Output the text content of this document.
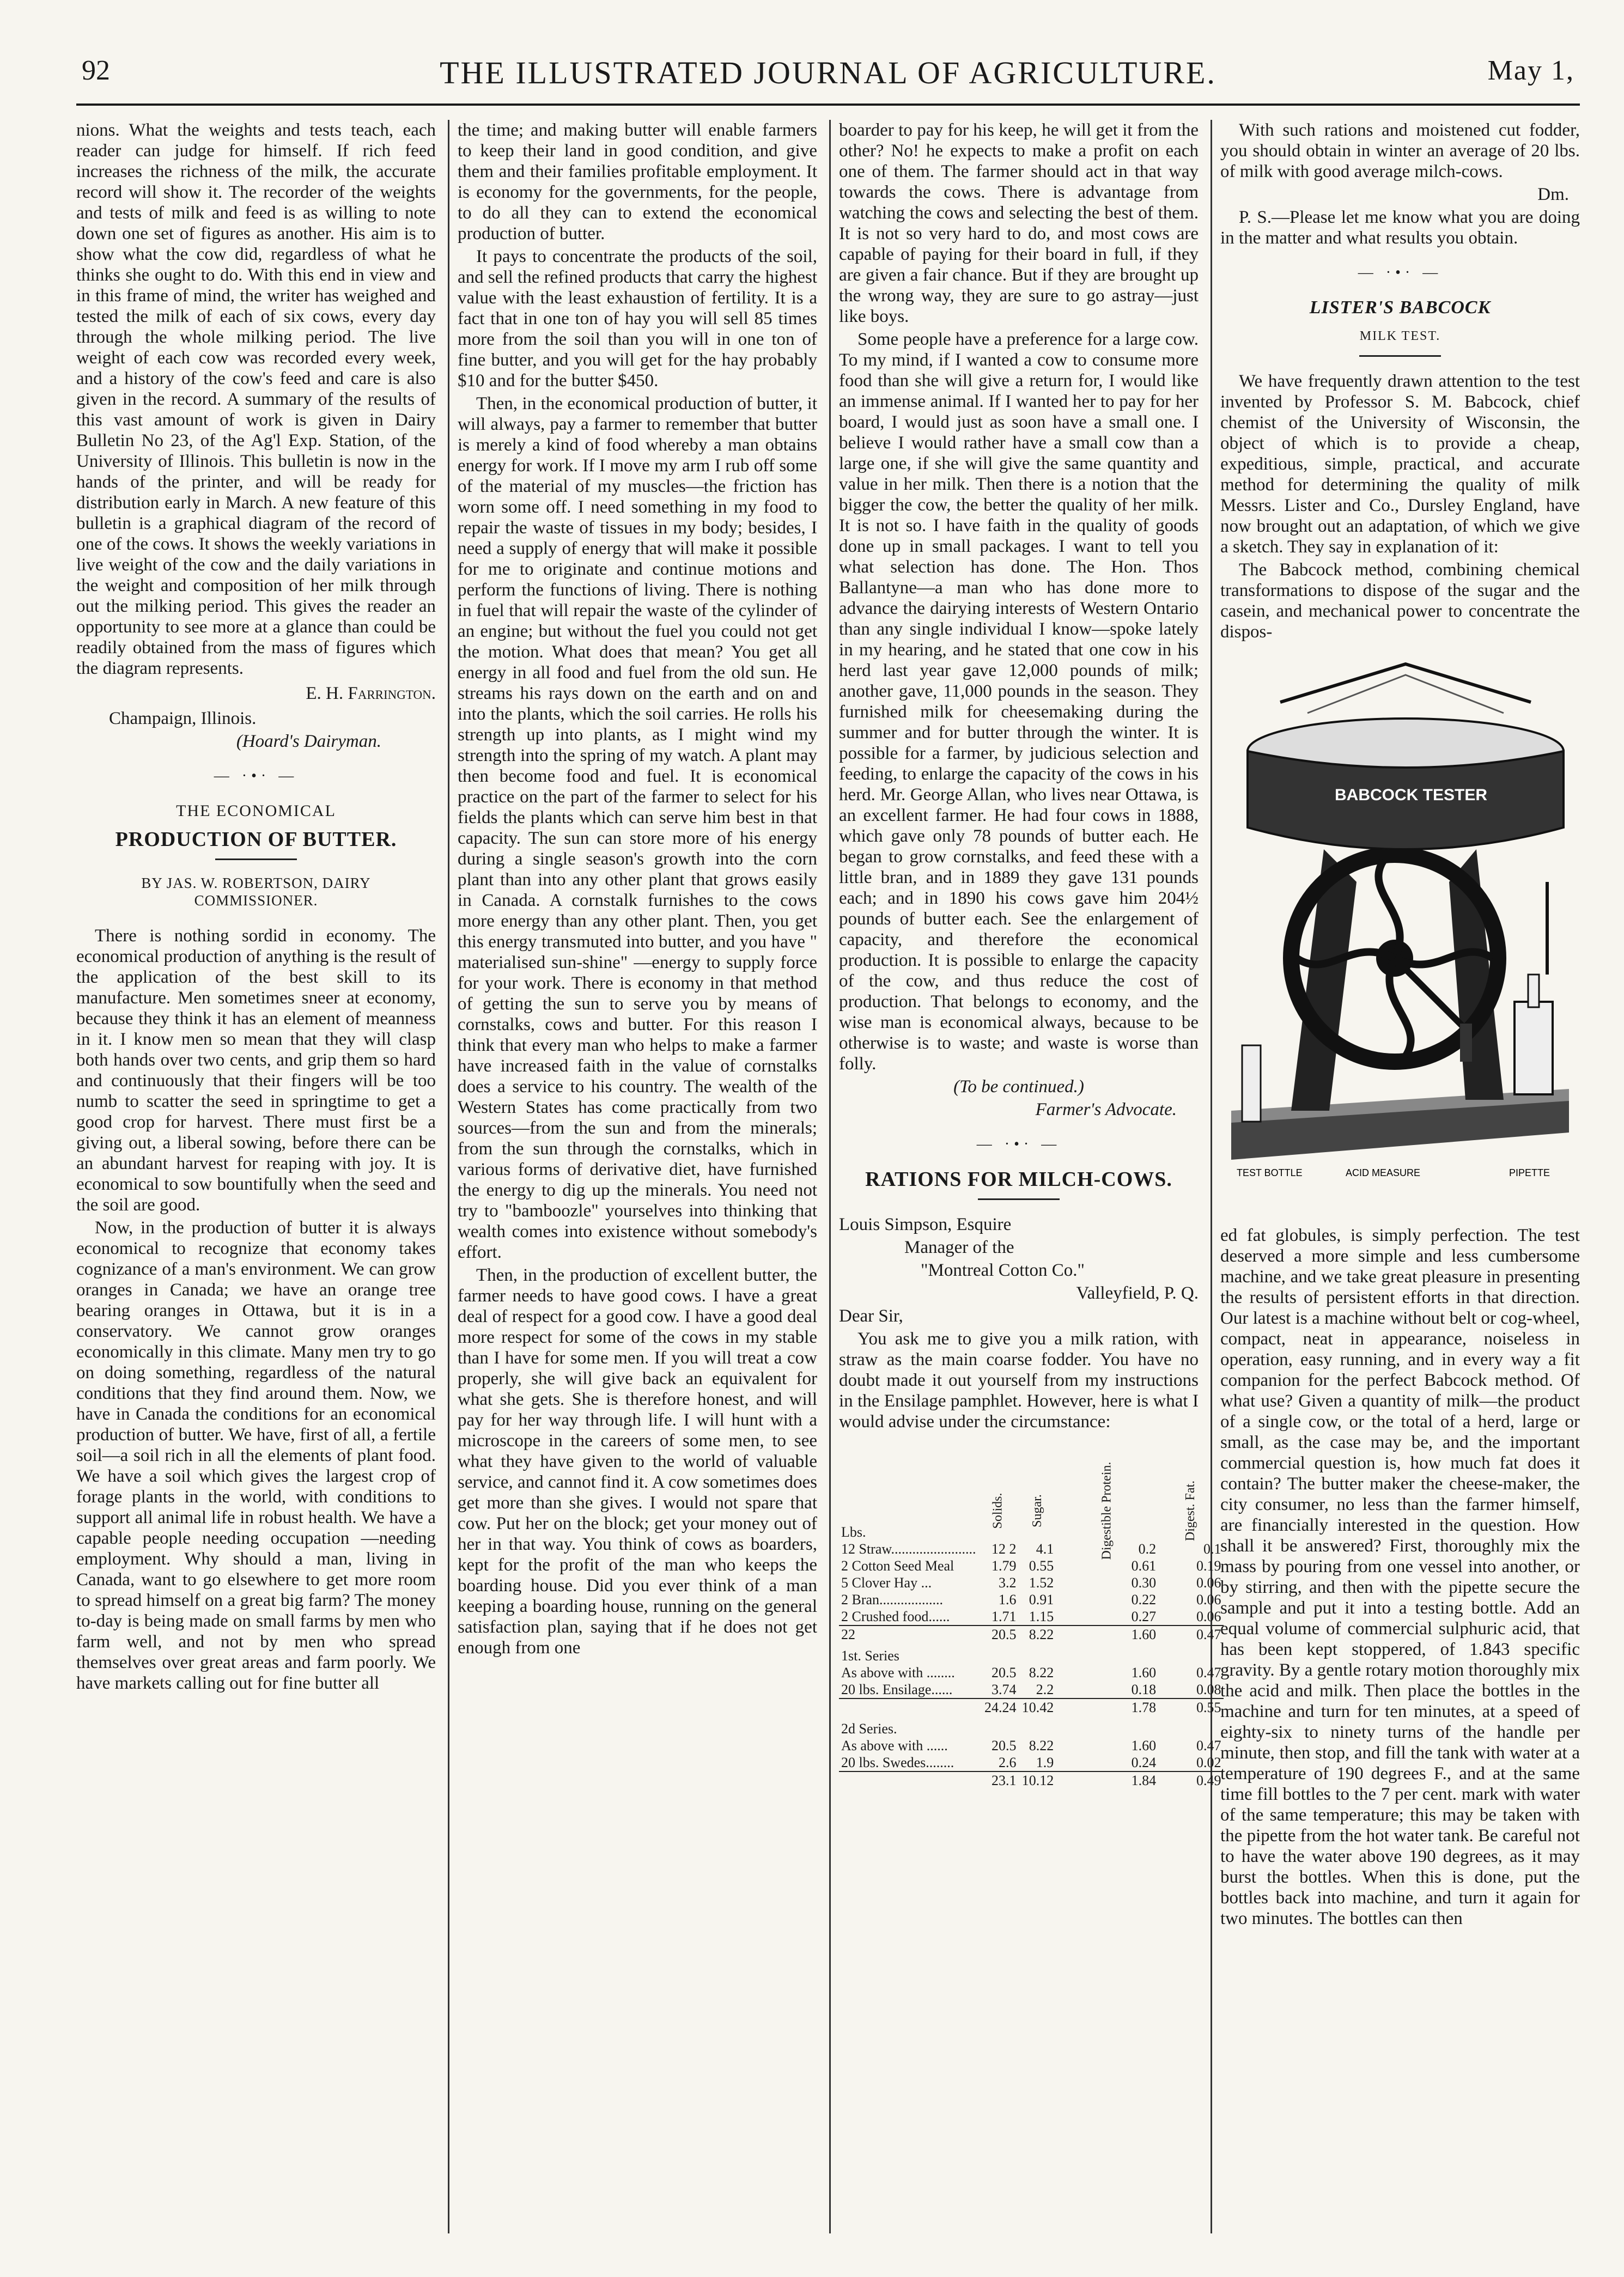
92	THE ILLUSTRATED JOURNAL OF AGRICULTURE.	May 1,

nions. What the weights and tests teach, each reader can judge for himself. If rich feed increases the richness of the milk, the accurate record will show it. The recorder of the weights and tests of milk and feed is as willing to note down one set of figures as another. His aim is to show what the cow did, regardless of what he thinks she ought to do. With this end in view and in this frame of mind, the writer has weighed and tested the milk of each of six cows, every day through the whole milking period. The live weight of each cow was recorded every week, and a history of the cow's feed and care is also given in the record. A summary of the results of this vast amount of work is given in Dairy Bulletin No 23, of the Ag'l Exp. Station, of the University of Illinois. This bulletin is now in the hands of the printer, and will be ready for distribution early in March. A new feature of this bulletin is a graphical diagram of the record of one of the cows. It shows the weekly variations in live weight of the cow and the daily variations in the weight and composition of her milk through out the milking period. This gives the reader an opportunity to see more at a glance than could be readily obtained from the mass of figures which the diagram represents.

E. H. Farrington.

Champaign, Illinois.

(Hoard's Dairyman.

— ·•· —

THE ECONOMICAL
PRODUCTION OF BUTTER.
BY JAS. W. ROBERTSON, DAIRY COMMISSIONER.

There is nothing sordid in economy. The economical production of anything is the result of the application of the best skill to its manufacture. Men sometimes sneer at economy, because they think it has an element of meanness in it. I know men so mean that they will clasp both hands over two cents, and grip them so hard and continuously that their fingers will be too numb to scatter the seed in springtime to get a good crop for harvest. There must first be a giving out, a liberal sowing, before there can be an abundant harvest for reaping with joy. It is economical to sow bountifully when the seed and the soil are good.

Now, in the production of butter it is always economical to recognize that economy takes cognizance of a man's environment. We can grow oranges in Canada; we have an orange tree bearing oranges in Ottawa, but it is in a conservatory. We cannot grow oranges economically in this climate. Many men try to go on doing something, regardless of the natural conditions that they find around them. Now, we have in Canada the conditions for an economical production of butter. We have, first of all, a fertile soil—a soil rich in all the elements of plant food. We have a soil which gives the largest crop of forage plants in the world, with conditions to support all animal life in robust health. We have a capable people needing occupation —needing employment. Why should a man, living in Canada, want to go elsewhere to get more room to spread himself on a great big farm? The money to-day is being made on small farms by men who farm well, and not by men who spread themselves over great areas and farm poorly. We have markets calling out for fine butter all

the time; and making butter will enable farmers to keep their land in good condition, and give them and their families profitable employment. It is economy for the governments, for the people, to do all they can to extend the economical production of butter.

It pays to concentrate the products of the soil, and sell the refined products that carry the highest value with the least exhaustion of fertility. It is a fact that in one ton of hay you will sell 85 times more from the soil than you will in one ton of fine butter, and you will get for the hay probably $10 and for the butter $450.

Then, in the economical production of butter, it will always, pay a farmer to remember that butter is merely a kind of food whereby a man obtains energy for work. If I move my arm I rub off some of the material of my muscles—the friction has worn some off. I need something in my food to repair the waste of tissues in my body; besides, I need a supply of energy that will make it possible for me to originate and continue motions and perform the functions of living. There is nothing in fuel that will repair the waste of the cylinder of an engine; but without the fuel you could not get the motion. What does that mean? You get all energy in all food and fuel from the old sun. He streams his rays down on the earth and on and into the plants, which the soil carries. He rolls his strength up into plants, as I might wind my strength into the spring of my watch. A plant may then become food and fuel. It is economical practice on the part of the farmer to select for his fields the plants which can serve him best in that capacity. The sun can store more of his energy during a single season's growth into the corn plant than into any other plant that grows easily in Canada. A cornstalk furnishes to the cows more energy than any other plant. Then, you get this energy transmuted into butter, and you have " materialised sun-shine" —energy to supply force for your work. There is economy in that method of getting the sun to serve you by means of cornstalks, cows and butter. For this reason I think that every man who helps to make a farmer have increased faith in the value of cornstalks does a service to his country. The wealth of the Western States has come practically from two sources—from the sun and from the minerals; from the sun through the cornstalks, which in various forms of derivative diet, have furnished the energy to dig up the minerals. You need not try to "bamboozle" yourselves into thinking that wealth comes into existence without somebody's effort.

Then, in the production of excellent butter, the farmer needs to have good cows. I have a great deal of respect for a good cow. I have a good deal more respect for some of the cows in my stable than I have for some men. If you will treat a cow properly, she will give back an equivalent for what she gets. She is therefore honest, and will pay for her way through life. I will hunt with a microscope in the careers of some men, to see what they have given to the world of valuable service, and cannot find it. A cow sometimes does get more than she gives. I would not spare that cow. Put her on the block; get your money out of her in that way. You think of cows as boarders, kept for the profit of the man who keeps the boarding house. Did you ever think of a man keeping a boarding house, running on the general satisfaction plan, saying that if he does not get enough from one

boarder to pay for his keep, he will get it from the other? No! he expects to make a profit on each one of them. The farmer should act in that way towards the cows. There is advantage from watching the cows and selecting the best of them. It is not so very hard to do, and most cows are capable of paying for their board in full, if they are given a fair chance. But if they are brought up the wrong way, they are sure to go astray—just like boys.

Some people have a preference for a large cow. To my mind, if I wanted a cow to consume more food than she will give a return for, I would like an immense animal. If I wanted her to pay for her board, I would just as soon have a small one. I believe I would rather have a small cow than a large one, if she will give the same quantity and value in her milk. Then there is a notion that the bigger the cow, the better the quality of her milk. It is not so. I have faith in the quality of goods done up in small packages. I want to tell you what selection has done. The Hon. Thos Ballantyne—a man who has done more to advance the dairying interests of Western Ontario than any single individual I know—spoke lately in my hearing, and he stated that one cow in his herd last year gave 12,000 pounds of milk; another gave, 11,000 pounds in the season. They furnished milk for cheesemaking during the summer and for butter through the winter. It is possible for a farmer, by judicious selection and feeding, to enlarge the capacity of the cows in his herd. Mr. George Allan, who lives near Ottawa, is an excellent farmer. He had four cows in 1888, which gave only 78 pounds of butter each. He began to grow cornstalks, and feed these with a little bran, and in 1889 they gave 131 pounds each; and in 1890 his cows gave him 204½ pounds of butter each. See the enlargement of capacity, and therefore the economical production. It is possible to enlarge the capacity of the cow, and thus reduce the cost of production. That belongs to economy, and the wise man is economical always, because to be otherwise is to waste; and waste is worse than folly.

(To be continued.)

Farmer's Advocate.

— ·•· —

RATIONS FOR MILCH-COWS.

Louis Simpson, Esquire

Manager of the

"Montreal Cotton Co."

Valleyfield, P. Q.

Dear Sir,

You ask me to give you a milk ration, with straw as the main coarse fodder. You have no doubt made it out yourself from my instructions in the Ensilage pamphlet. However, here is what I would advise under the circumstance:

	Solids.	Sugar.	Digestible Protein.	Digest. Fat.
Lbs.				
12 Straw........................	12 2	4.1	0.2	0.1
2 Cotton Seed Meal	1.79	0.55	0.61	0.19
5 Clover Hay ...	3.2	1.52	0.30	0.06
2 Bran..................	1.6	0.91	0.22	0.06
2 Crushed food......	1.71	1.15	0.27	0.06
22	20.5	8.22	1.60	0.47
1st. Series				
As above with ........	20.5	8.22	1.60	0.47
20 lbs. Ensilage......	3.74	2.2	0.18	0.08
	24.24	10.42	1.78	0.55
2d Series.				
As above with ......	20.5	8.22	1.60	0.47
20 lbs. Swedes........	2.6	1.9	0.24	0.02
	23.1	10.12	1.84	0.49

With such rations and moistened cut fodder, you should obtain in winter an average of 20 lbs. of milk with good average milch-cows.

Dm.

P. S.—Please let me know what you are doing in the matter and what results you obtain.

— ·•· —

LISTER'S BABCOCK
MILK TEST.

We have frequently drawn attention to the test invented by Professor S. M. Babcock, chief chemist of the University of Wisconsin, the object of which is to provide a cheap, expeditious, simple, practical, and accurate method for determining the quality of milk Messrs. Lister and Co., Dursley England, have now brought out an adaptation, of which we give a sketch. They say in explanation of it:

The Babcock method, combining chemical transformations to dispose of the sugar and the casein, and mechanical power to concentrate the dispos-

BABCOCK TESTER
TEST BOTTLE	ACID MEASURE	PIPETTE

ed fat globules, is simply perfection. The test deserved a more simple and less cumbersome machine, and we take great pleasure in presenting the results of persistent efforts in that direction. Our latest is a machine without belt or cog-wheel, compact, neat in appearance, noiseless in operation, easy running, and in every way a fit companion for the perfect Babcock method. Of what use? Given a quantity of milk—the product of a single cow, or the total of a herd, large or small, as the case may be, and the important commercial question is, how much fat does it contain? The butter maker the cheese-maker, the city consumer, no less than the farmer himself, are financially interested in the question. How shall it be answered? First, thoroughly mix the mass by pouring from one vessel into another, or by stirring, and then with the pipette secure the sample and put it into a testing bottle. Add an equal volume of commercial sulphuric acid, that has been kept stoppered, of 1.843 specific gravity. By a gentle rotary motion thoroughly mix the acid and milk. Then place the bottles in the machine and turn for ten minutes, at a speed of eighty-six to ninety turns of the handle per minute, then stop, and fill the tank with water at a temperature of 190 degrees F., and at the same time fill bottles to the 7 per cent. mark with water of the same temperature; this may be taken with the pipette from the hot water tank. Be careful not to have the water above 190 degrees, as it may burst the bottles. When this is done, put the bottles back into machine, and turn it again for two minutes. The bottles can then
